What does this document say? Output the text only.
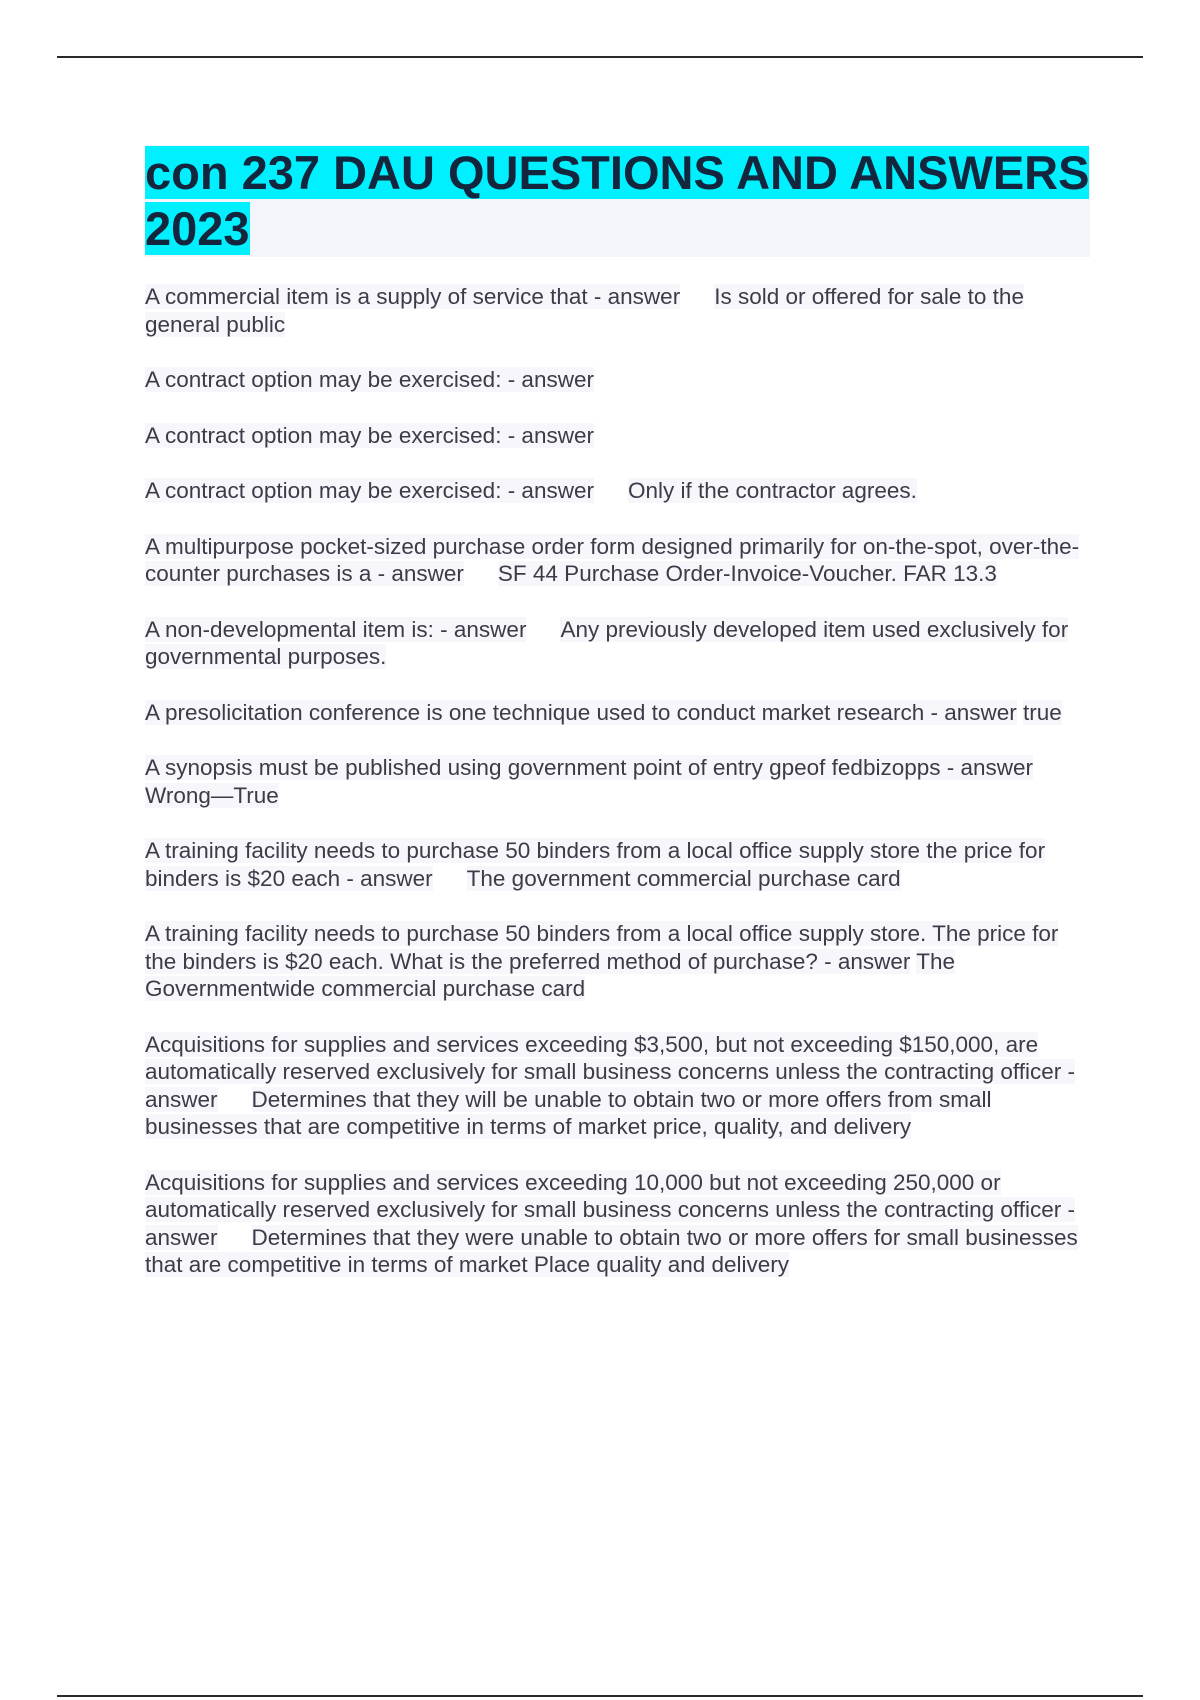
con 237 DAU QUESTIONS AND ANSWERS 2023

A commercial item is a supply of service that - answer Is sold or offered for sale to the general public

A contract option may be exercised: - answer

A contract option may be exercised: - answer

A contract option may be exercised: - answer Only if the contractor agrees.

A multipurpose pocket-sized purchase order form designed primarily for on-the-spot, over-the-counter purchases is a - answer SF 44 Purchase Order-Invoice-Voucher. FAR 13.3

A non-developmental item is: - answer Any previously developed item used exclusively for governmental purposes.

A presolicitation conference is one technique used to conduct market research - answer true

A synopsis must be published using government point of entry gpeof fedbizopps - answerWrong—True

A training facility needs to purchase 50 binders from a local office supply store the price for binders is $20 each - answer The government commercial purchase card

A training facility needs to purchase 50 binders from a local office supply store. The price for the binders is $20 each. What is the preferred method of purchase? - answer The Governmentwide commercial purchase card

Acquisitions for supplies and services exceeding $3,500, but not exceeding $150,000, are automatically reserved exclusively for small business concerns unless the contracting officer - answer Determines that they will be unable to obtain two or more offers from small businesses that are competitive in terms of market price, quality, and delivery

Acquisitions for supplies and services exceeding 10,000 but not exceeding 250,000 or automatically reserved exclusively for small business concerns unless the contracting officer - answer Determines that they were unable to obtain two or more offers for small businesses that are competitive in terms of market Place quality and delivery
